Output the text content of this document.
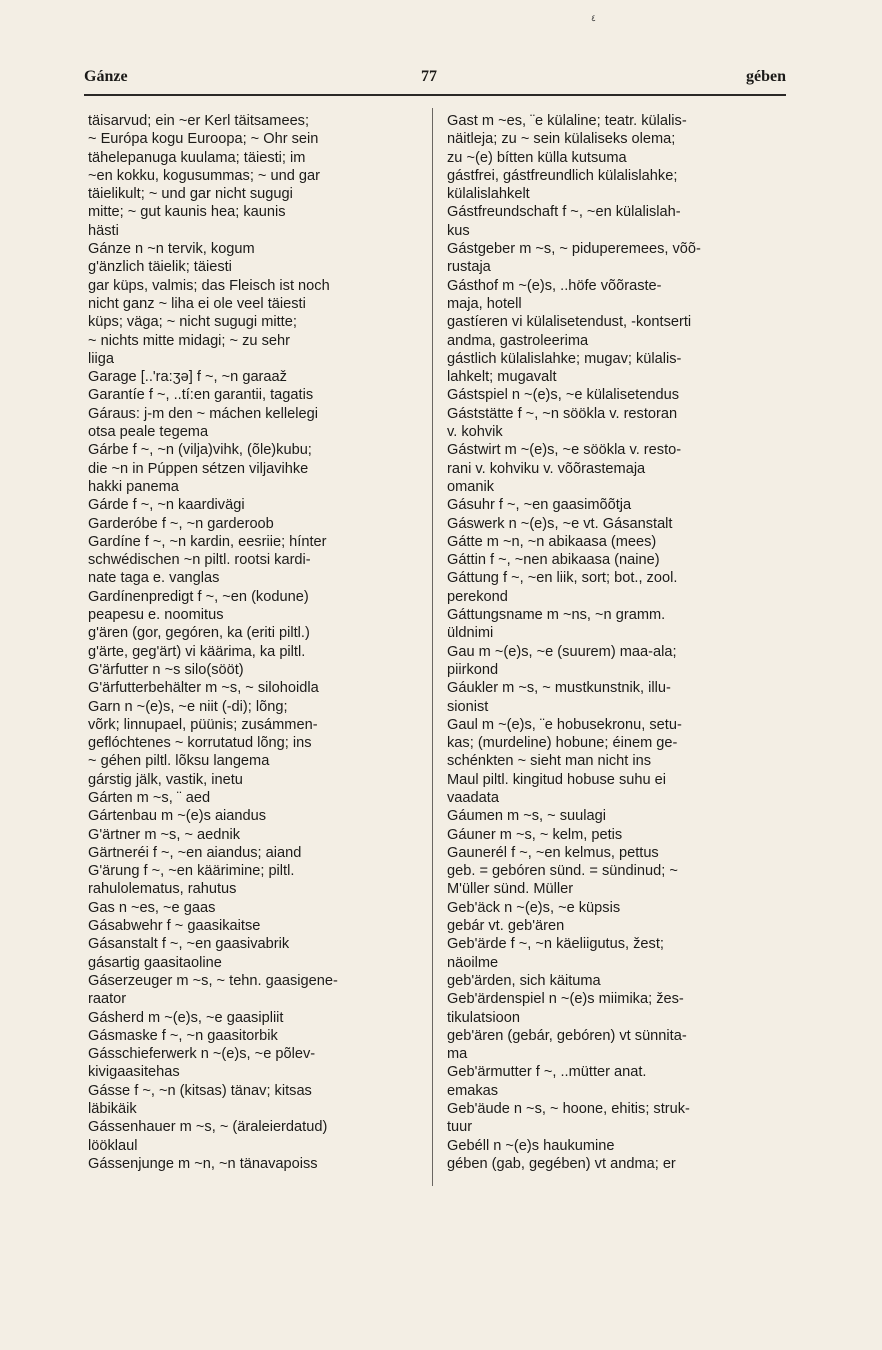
٤
Gánze	77	gében

täisarvud; ein ~er Kerl täitsamees;

~ Európa kogu Euroopa; ~ Ohr sein

tähelepanuga kuulama; täiesti; im

~en kokku, kogusummas; ~ und gar

täielikult; ~ und gar nicht sugugi

mitte; ~ gut kaunis hea; kaunis

hästi

Gánze n ~n tervik, kogum

g'änzlich täielik; täiesti

gar küps, valmis; das Fleisch ist noch

nicht ganz ~ liha ei ole veel täiesti

küps; väga; ~ nicht sugugi mitte;

~ nichts mitte midagi; ~ zu sehr

liiga

Garage [..'ra:ʒə] f ~, ~n garaaž

Garantíe f ~, ..tí:en garantii, tagatis

Gáraus: j-m den ~ máchen kellelegi

otsa peale tegema

Gárbe f ~, ~n (vilja)vihk, (õle)kubu;

die ~n in Púppen sétzen viljavihke

hakki panema

Gárde f ~, ~n kaardivägi

Garderóbe f ~, ~n garderoob

Gardíne f ~, ~n kardin, eesriie; hínter

schwédischen ~n piltl. rootsi kardi-

nate taga e. vanglas

Gardínenpredigt f ~, ~en (kodune)

peapesu e. noomitus

g'ären (gor, gegóren, ka (eriti piltl.)

g'ärte, geg'ärt) vi käärima, ka piltl.

G'ärfutter n ~s silo(sööt)

G'ärfutterbehälter m ~s, ~ silohoidla

Garn n ~(e)s, ~e niit (-di); lõng;

võrk; linnupael, püünis; zusámmen-

geflóchtenes ~ korrutatud lõng; ins

~ géhen piltl. lõksu langema

gárstig jälk, vastik, inetu

Gárten m ~s, ¨ aed

Gártenbau m ~(e)s aiandus

G'ärtner m ~s, ~ aednik

Gärtneréi f ~, ~en aiandus; aiand

G'ärung f ~, ~en käärimine; piltl.

rahulolematus, rahutus

Gas n ~es, ~e gaas

Gásabwehr f ~ gaasikaitse

Gásanstalt f ~, ~en gaasivabrik

gásartig gaasitaoline

Gáserzeuger m ~s, ~ tehn. gaasigene-

raator

Gásherd m ~(e)s, ~e gaasipliit

Gásmaske f ~, ~n gaasitorbik

Gásschieferwerk n ~(e)s, ~e põlev-

kivigaasitehas

Gásse f ~, ~n (kitsas) tänav; kitsas

läbikäik

Gássenhauer m ~s, ~ (äraleierdatud)

lööklaul

Gássenjunge m ~n, ~n tänavapoiss

Gast m ~es, ¨e külaline; teatr. külalis-

näitleja; zu ~ sein külaliseks olema;

zu ~(e) bítten külla kutsuma

gástfrei, gástfreundlich külalislahke;

külalislahkelt

Gástfreundschaft f ~, ~en külalislah-

kus

Gástgeber m ~s, ~ piduperemees, võõ-

rustaja

Gásthof m ~(e)s, ..höfe võõraste-

maja, hotell

gastíeren vi külalisetendust, -kontserti

andma, gastroleerima

gástlich külalislahke; mugav; külalis-

lahkelt; mugavalt

Gástspiel n ~(e)s, ~e külalisetendus

Gáststätte f ~, ~n söökla v. restoran

v. kohvik

Gástwirt m ~(e)s, ~e söökla v. resto-

rani v. kohviku v. võõrastemaja

omanik

Gásuhr f ~, ~en gaasimõõtja

Gáswerk n ~(e)s, ~e vt. Gásanstalt

Gátte m ~n, ~n abikaasa (mees)

Gáttin f ~, ~nen abikaasa (naine)

Gáttung f ~, ~en liik, sort; bot., zool.

perekond

Gáttungsname m ~ns, ~n gramm.

üldnimi

Gau m ~(e)s, ~e (suurem) maa-ala;

piirkond

Gáukler m ~s, ~ mustkunstnik, illu-

sionist

Gaul m ~(e)s, ¨e hobusekronu, setu-

kas; (murdeline) hobune; éinem ge-

schénkten ~ sieht man nicht ins

Maul piltl. kingitud hobuse suhu ei

vaadata

Gáumen m ~s, ~ suulagi

Gáuner m ~s, ~ kelm, petis

Gaunerél f ~, ~en kelmus, pettus

geb. = gebóren sünd. = sündinud; ~

M'üller sünd. Müller

Geb'äck n ~(e)s, ~e küpsis

gebár vt. geb'ären

Geb'ärde f ~, ~n käeliigutus, žest;

näoilme

geb'ärden, sich käituma

Geb'ärdenspiel n ~(e)s miimika; žes-

tikulatsioon

geb'ären (gebár, gebóren) vt sünnita-

ma

Geb'ärmutter f ~, ..mütter anat.

emakas

Geb'äude n ~s, ~ hoone, ehitis; struk-

tuur

Gebéll n ~(e)s haukumine

gében (gab, gegében) vt andma; er
